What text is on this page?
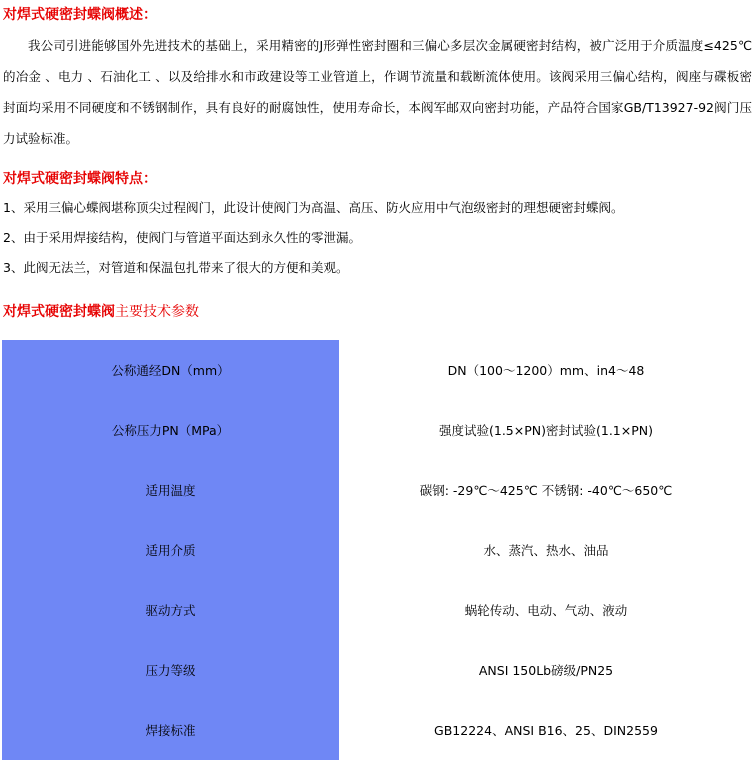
对焊式硬密封蝶阀概述：
我公司引进能够国外先进技术的基础上，采用精密的J形弹性密封圈和三偏心多层次金属硬密封结构，被广泛用于介质温度≤425℃的冶金 、电力 、石油化工 、以及给排水和市政建设等工业管道上，作调节流量和载断流体使用。该阀采用三偏心结构，阀座与碟板密封面均采用不同硬度和不锈钢制作，具有良好的耐腐蚀性，使用寿命长，本阀军邮双向密封功能，产品符合国家GB/T13927-92阀门压力试验标准。
对焊式硬密封蝶阀特点：
1、采用三偏心蝶阀堪称顶尖过程阀门，此设计使阀门为高温、高压、防火应用中气泡级密封的理想硬密封蝶阀。
2、由于采用焊接结构，使阀门与管道平面达到永久性的零泄漏。
3、此阀无法兰，对管道和保温包扎带来了很大的方便和美观。
对焊式硬密封蝶阀主要技术参数
公称通经DN（mm）	DN（100～1200）mm、in4～48
公称压力PN（MPa）	强度试验(1.5×PN)密封试验(1.1×PN)
适用温度	碳钢: -29℃～425℃ 不锈钢: -40℃～650℃
适用介质	水、蒸汽、热水、油品
驱动方式	蜗轮传动、电动、气动、液动
压力等级	ANSI 150Lb磅级/PN25
焊接标准	GB12224、ANSI B16、25、DIN2559
